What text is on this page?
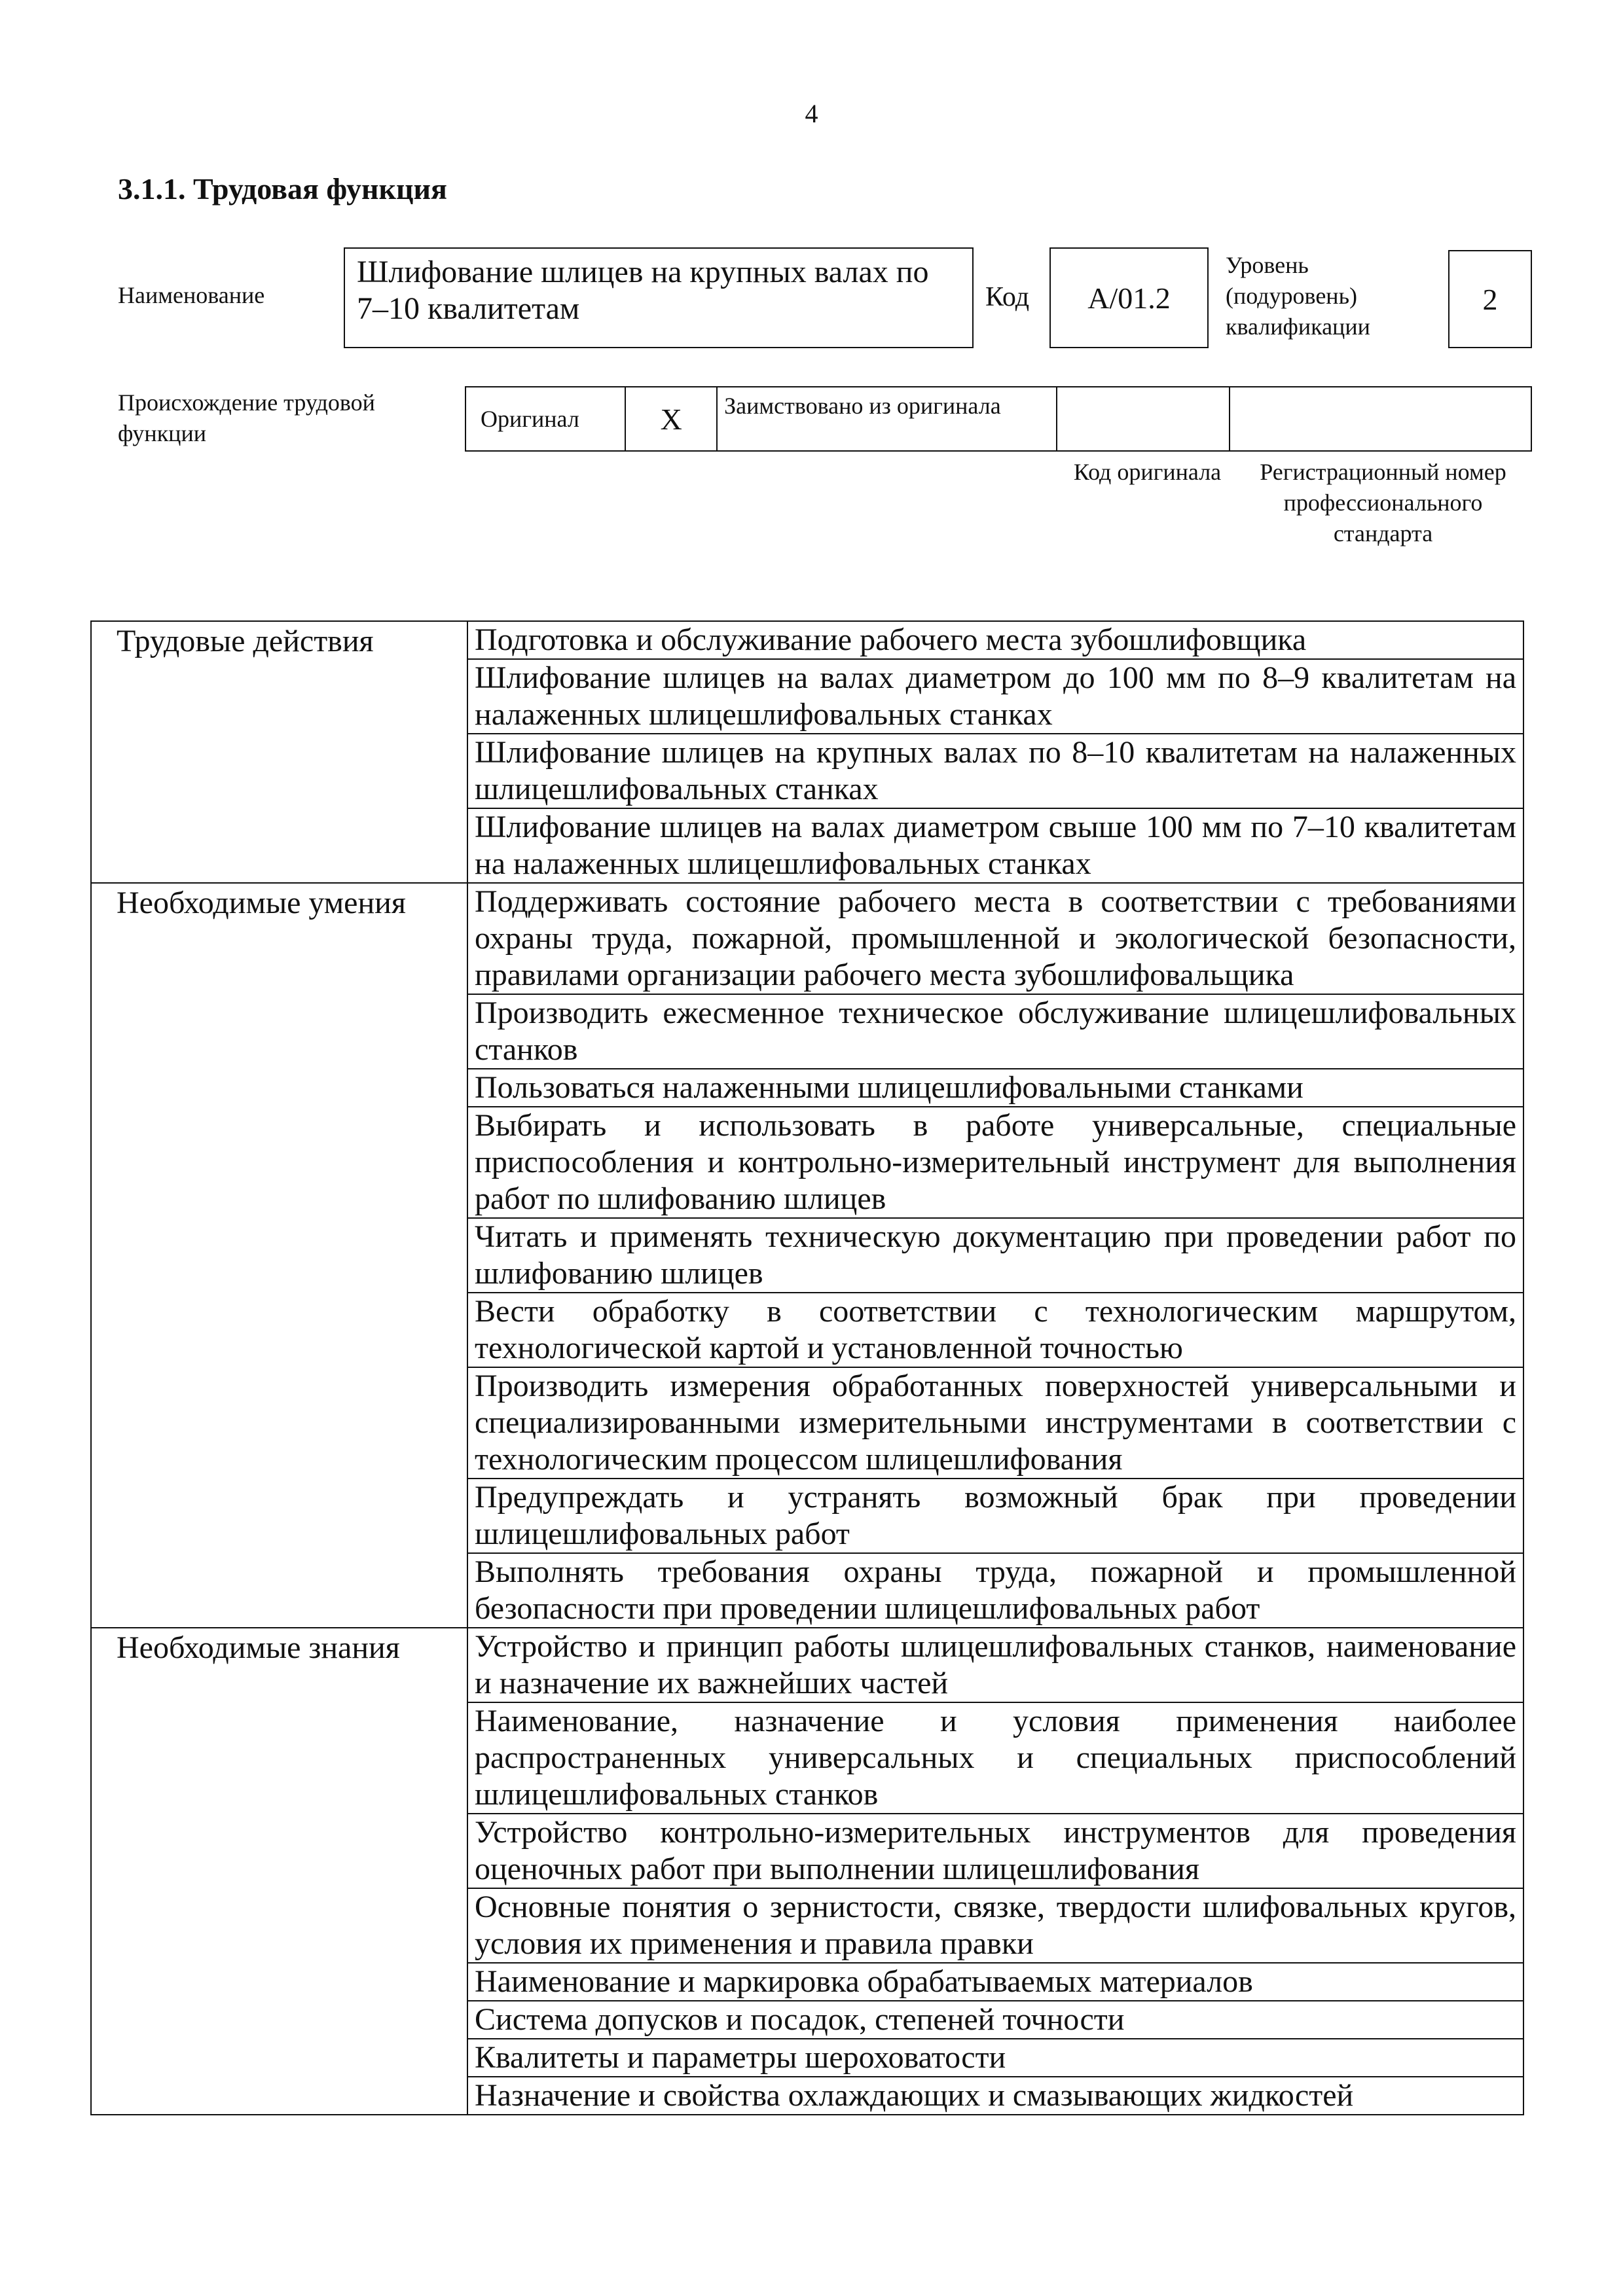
4
3.1.1. Трудовая функция
Наименование
Шлифование шлицев на крупных валах по 7–10 квалитетам	Код	А/01.2
Уровень (подуровень) квалификации
2
Происхождение трудовой функции
Оригинал	X	Заимствовано из оригинала
Код оригинала	Регистрационный номер профессионального стандарта
Трудовые действия	Подготовка и обслуживание рабочего места зубошлифовщика
	Шлифование шлицев на валах диаметром до 100 мм по 8–9 квалитетам на налаженных шлицешлифовальных станках
	Шлифование шлицев на крупных валах по 8–10 квалитетам на налаженных шлицешлифовальных станках
	Шлифование шлицев на валах диаметром свыше 100 мм по 7–10 квалитетам на налаженных шлицешлифовальных станках
Необходимые умения	Поддерживать состояние рабочего места в соответствии с требованиями охраны труда, пожарной, промышленной и экологической безопасности, правилами организации рабочего места зубошлифовальщика
	Производить ежесменное техническое обслуживание шлицешлифовальных станков
	Пользоваться налаженными шлицешлифовальными станками
	Выбирать и использовать в работе универсальные, специальные приспособления и контрольно-измерительный инструмент для выполнения работ по шлифованию шлицев
	Читать и применять техническую документацию при проведении работ по шлифованию шлицев
	Вести обработку в соответствии с технологическим маршрутом, технологической картой и установленной точностью
	Производить измерения обработанных поверхностей универсальными и специализированными измерительными инструментами в соответствии с технологическим процессом шлицешлифования
	Предупреждать и устранять возможный брак при проведении шлицешлифовальных работ
	Выполнять требования охраны труда, пожарной и промышленной безопасности при проведении шлицешлифовальных работ
Необходимые знания	Устройство и принцип работы шлицешлифовальных станков, наименование и назначение их важнейших частей
	Наименование, назначение и условия применения наиболее распространенных универсальных и специальных приспособлений шлицешлифовальных станков
	Устройство контрольно-измерительных инструментов для проведения оценочных работ при выполнении шлицешлифования
	Основные понятия о зернистости, связке, твердости шлифовальных кругов, условия их применения и правила правки
	Наименование и маркировка обрабатываемых материалов
	Система допусков и посадок, степеней точности
	Квалитеты и параметры шероховатости
	Назначение и свойства охлаждающих и смазывающих жидкостей
